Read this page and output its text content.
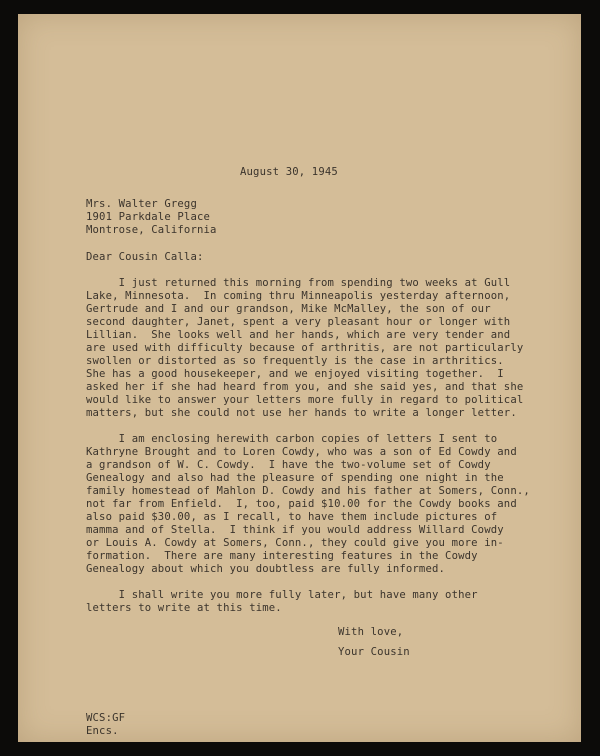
August 30, 1945
Mrs. Walter Gregg
1901 Parkdale Place
Montrose, California
Dear Cousin Calla:
I just returned this morning from spending two weeks at Gull
Lake, Minnesota.  In coming thru Minneapolis yesterday afternoon,
Gertrude and I and our grandson, Mike McMalley, the son of our
second daughter, Janet, spent a very pleasant hour or longer with
Lillian.  She looks well and her hands, which are very tender and
are used with difficulty because of arthritis, are not particularly
swollen or distorted as so frequently is the case in arthritics.
She has a good housekeeper, and we enjoyed visiting together.  I
asked her if she had heard from you, and she said yes, and that she
would like to answer your letters more fully in regard to political
matters, but she could not use her hands to write a longer letter.
I am enclosing herewith carbon copies of letters I sent to
Kathryne Brought and to Loren Cowdy, who was a son of Ed Cowdy and
a grandson of W. C. Cowdy.  I have the two-volume set of Cowdy
Genealogy and also had the pleasure of spending one night in the
family homestead of Mahlon D. Cowdy and his father at Somers, Conn.,
not far from Enfield.  I, too, paid $10.00 for the Cowdy books and
also paid $30.00, as I recall, to have them include pictures of
mamma and of Stella.  I think if you would address Willard Cowdy
or Louis A. Cowdy at Somers, Conn., they could give you more in-
formation.  There are many interesting features in the Cowdy
Genealogy about which you doubtless are fully informed.
I shall write you more fully later, but have many other
letters to write at this time.
With love,
Your Cousin
WCS:GF
Encs.
